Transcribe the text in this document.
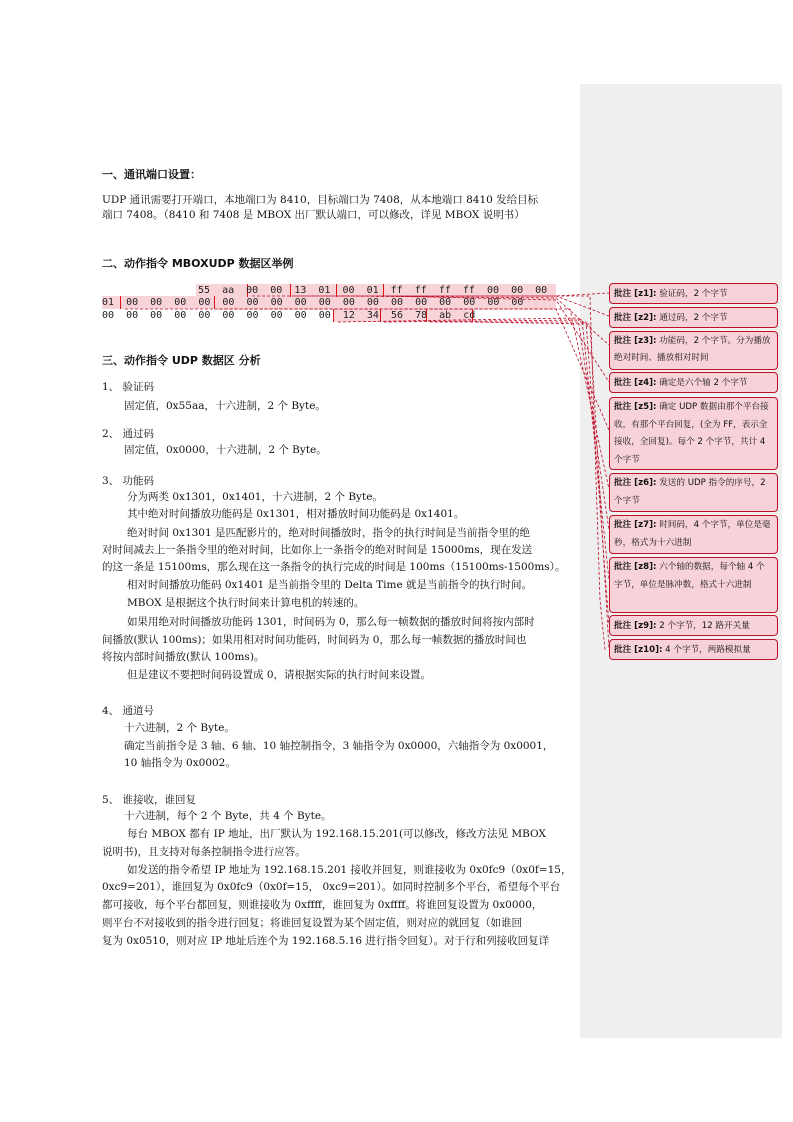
一、通讯端口设置：
UDP 通讯需要打开端口，本地端口为 8410，目标端口为 7408，从本地端口 8410 发给目标
端口 7408。（8410 和 7408 是 MBOX 出厂默认端口，可以修改，详见 MBOX 说明书）
二、动作指令 MBOXUDP 数据区举例
55  aa  00  00  13  01  00  01  ff  ff  ff  ff  00  00  00
01  00  00  00  00  00  00  00  00  00  00  00  00  00  00  00  00  00
00  00  00  00  00  00  00  00  00  00  12  34  56  78  ab  cd
三、动作指令 UDP 数据区 分析
1、 验证码
固定值，0x55aa，十六进制，2 个 Byte。
2、 通过码
固定值，0x0000，十六进制，2 个 Byte。
3、 功能码
分为两类 0x1301，0x1401，十六进制，2 个 Byte。
其中绝对时间播放功能码是 0x1301，相对播放时间功能码是 0x1401。
绝对时间 0x1301 是匹配影片的，绝对时间播放时，指令的执行时间是当前指令里的绝
对时间减去上一条指令里的绝对时间，比如你上一条指令的绝对时间是 15000ms，现在发送
的这一条是 15100ms，那么现在这一条指令的执行完成的时间是 100ms（15100ms-1500ms）。
相对时间播放功能码 0x1401 是当前指令里的 Delta Time 就是当前指令的执行时间。
MBOX 是根据这个执行时间来计算电机的转速的。
如果用绝对时间播放功能码 1301，时间码为 0，那么每一帧数据的播放时间将按内部时
间播放(默认 100ms)；如果用相对时间功能码，时间码为 0，那么每一帧数据的播放时间也
将按内部时间播放(默认 100ms)。
但是建议不要把时间码设置成 0，请根据实际的执行时间来设置。
4、 通道号
十六进制，2 个 Byte。
确定当前指令是 3 轴、6 轴、10 轴控制指令，3 轴指令为 0x0000，六轴指令为 0x0001，
10 轴指令为 0x0002。
5、 谁接收，谁回复
十六进制，每个 2 个 Byte，共 4 个 Byte。
每台 MBOX 都有 IP 地址，出厂默认为 192.168.15.201(可以修改，修改方法见 MBOX
说明书)，且支持对每条控制指令进行应答。
如发送的指令希望 IP 地址为 192.168.15.201 接收并回复，则谁接收为 0x0fc9（0x0f=15，
0xc9=201），谁回复为 0x0fc9（0x0f=15， 0xc9=201）。如同时控制多个平台，希望每个平台
都可接收，每个平台都回复，则谁接收为 0xffff，谁回复为 0xffff。将谁回复设置为 0x0000，
则平台不对接收到的指令进行回复；将谁回复设置为某个固定值，则对应的就回复（如谁回
复为 0x0510，则对应 IP 地址后连个为 192.168.5.16 进行指令回复）。对于行和列接收回复详
批注 [z1]: 验证码，2 个字节
批注 [z2]: 通过码，2 个字节
批注 [z3]: 功能码，2 个字节。分为播放绝对时间、播放相对时间
批注 [z4]: 确定是六个轴 2 个字节
批注 [z5]: 确定 UDP 数据由那个平台接收，有那个平台回复，(全为 FF，表示全接收，全回复)。每个 2 个字节，共计 4 个字节
批注 [z6]: 发送的 UDP 指令的序号，2 个字节
批注 [z7]: 时间码，4 个字节，单位是毫秒，格式为十六进制
批注 [z8]: 六个轴的数据，每个轴 4 个字节，单位是脉冲数，格式十六进制
批注 [z9]: 2 个字节，12 路开关量
批注 [z10]: 4 个字节，两路模拟量
